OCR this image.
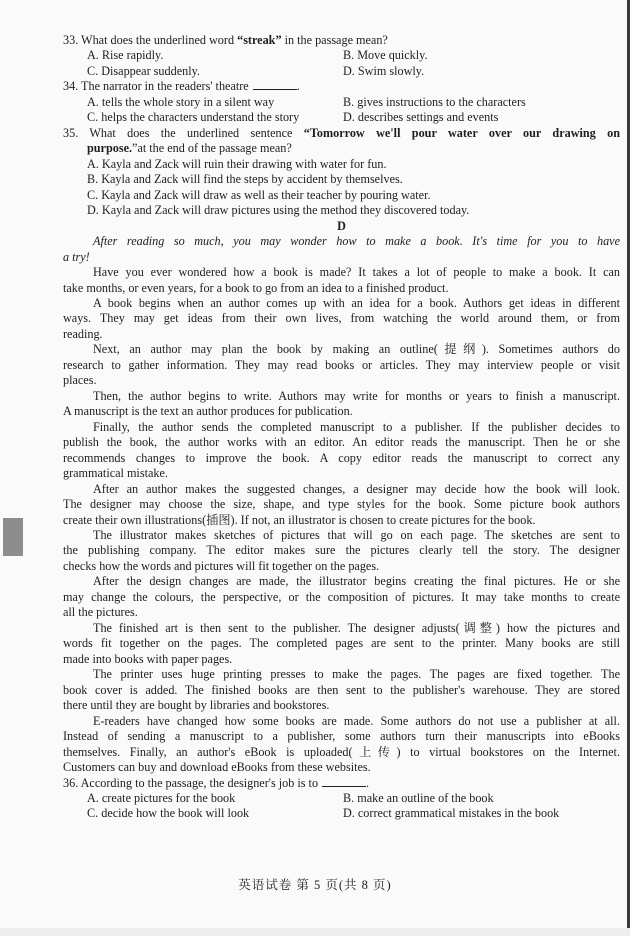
33. What does the underlined word “streak” in the passage mean?
A. Rise rapidly.	B. Move quickly.
C. Disappear suddenly.	D. Swim slowly.
34. The narrator in the readers' theatre	.
A. tells the whole story in a silent way	B. gives instructions to the characters
C. helps the characters understand the story	D. describes settings and events
35. What does the underlined sentence “Tomorrow we'll pour water over our drawing on
purpose.”at the end of the passage mean?
A. Kayla and Zack will ruin their drawing with water for fun.
B. Kayla and Zack will find the steps by accident by themselves.
C. Kayla and Zack will draw as well as their teacher by pouring water.
D. Kayla and Zack will draw pictures using the method they discovered today.
D
After reading so much, you may wonder how to make a book. It's time for you to have
a try!
Have you ever wondered how a book is made? It takes a lot of people to make a book. It can
take months, or even years, for a book to go from an idea to a finished product.
A book begins when an author comes up with an idea for a book. Authors get ideas in different
ways. They may get ideas from their own lives, from watching the world around them, or from
reading.
Next, an author may plan the book by making an outline(提纲). Sometimes authors do
research to gather information. They may read books or articles. They may interview people or visit
places.
Then, the author begins to write. Authors may write for months or years to finish a manuscript.
A manuscript is the text an author produces for publication.
Finally, the author sends the completed manuscript to a publisher. If the publisher decides to
publish the book, the author works with an editor. An editor reads the manuscript. Then he or she
recommends changes to improve the book. A copy editor reads the manuscript to correct any
grammatical mistake.
After an author makes the suggested changes, a designer may decide how the book will look.
The designer may choose the size, shape, and type styles for the book. Some picture book authors
create their own illustrations(插图). If not, an illustrator is chosen to create pictures for the book.
The illustrator makes sketches of pictures that will go on each page. The sketches are sent to
the publishing company. The editor makes sure the pictures clearly tell the story. The designer
checks how the words and pictures will fit together on the pages.
After the design changes are made, the illustrator begins creating the final pictures. He or she
may change the colours, the perspective, or the composition of pictures. It may take months to create
all the pictures.
The finished art is then sent to the publisher. The designer adjusts(调整) how the pictures and
words fit together on the pages. The completed pages are sent to the printer. Many books are still
made into books with paper pages.
The printer uses huge printing presses to make the pages. The pages are fixed together. The
book cover is added. The finished books are then sent to the publisher's warehouse. They are stored
there until they are bought by libraries and bookstores.
E-readers have changed how some books are made. Some authors do not use a publisher at all.
Instead of sending a manuscript to a publisher, some authors turn their manuscripts into eBooks
themselves. Finally, an author's eBook is uploaded(上传) to virtual bookstores on the Internet.
Customers can buy and download eBooks from these websites.
36. According to the passage, the designer's job is to	.
A. create pictures for the book	B. make an outline of the book
C. decide how the book will look	D. correct grammatical mistakes in the book
英语试卷 第 5 页(共 8 页)
